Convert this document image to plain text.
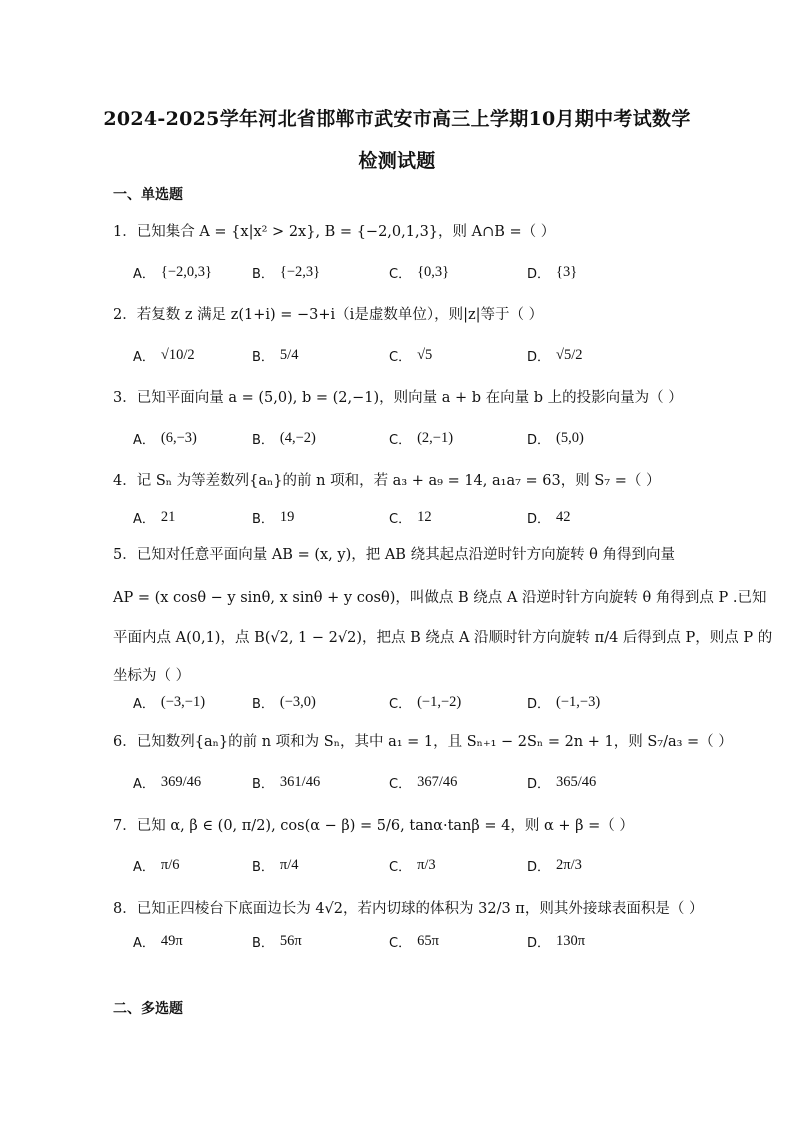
2024-2025学年河北省邯郸市武安市高三上学期10月期中考试数学
检测试题
一、单选题
1．已知集合 A = {x|x² > 2x}, B = {−2,0,1,3}，则 A∩B =（ ）
A． {−2,0,3}	B． {−2,3}	C． {0,3}	D． {3}
2．若复数 z 满足 z(1+i) = −3+i（i是虚数单位），则|z|等于（ ）
A． √10/2	B． 5/4	C． √5	D． √5/2
3．已知平面向量 a = (5,0), b = (2,−1)，则向量 a + b 在向量 b 上的投影向量为（ ）
A． (6,−3)	B． (4,−2)	C． (2,−1)	D． (5,0)
4．记 Sₙ 为等差数列{aₙ}的前 n 项和，若 a₃ + a₉ = 14, a₁a₇ = 63，则 S₇ =（ ）
A． 21	B． 19	C． 12	D． 42
5．已知对任意平面向量 AB = (x, y)，把 AB 绕其起点沿逆时针方向旋转 θ 角得到向量
AP = (x cosθ − y sinθ, x sinθ + y cosθ)，叫做点 B 绕点 A 沿逆时针方向旋转 θ 角得到点 P .已知
平面内点 A(0,1)，点 B(√2, 1 − 2√2)，把点 B 绕点 A 沿顺时针方向旋转 π/4 后得到点 P，则点 P 的
坐标为（ ）
A． (−3,−1)	B． (−3,0)	C． (−1,−2)	D． (−1,−3)
6．已知数列{aₙ}的前 n 项和为 Sₙ，其中 a₁ = 1，且 Sₙ₊₁ − 2Sₙ = 2n + 1，则 S₇/a₃ =（ ）
A． 369/46	B． 361/46	C． 367/46	D． 365/46
7．已知 α, β ∈ (0, π/2), cos(α − β) = 5/6, tanα·tanβ = 4，则 α + β =（ ）
A． π/6	B． π/4	C． π/3	D． 2π/3
8．已知正四棱台下底面边长为 4√2，若内切球的体积为 32/3 π，则其外接球表面积是（ ）
A． 49π	B． 56π	C． 65π	D． 130π
二、多选题
